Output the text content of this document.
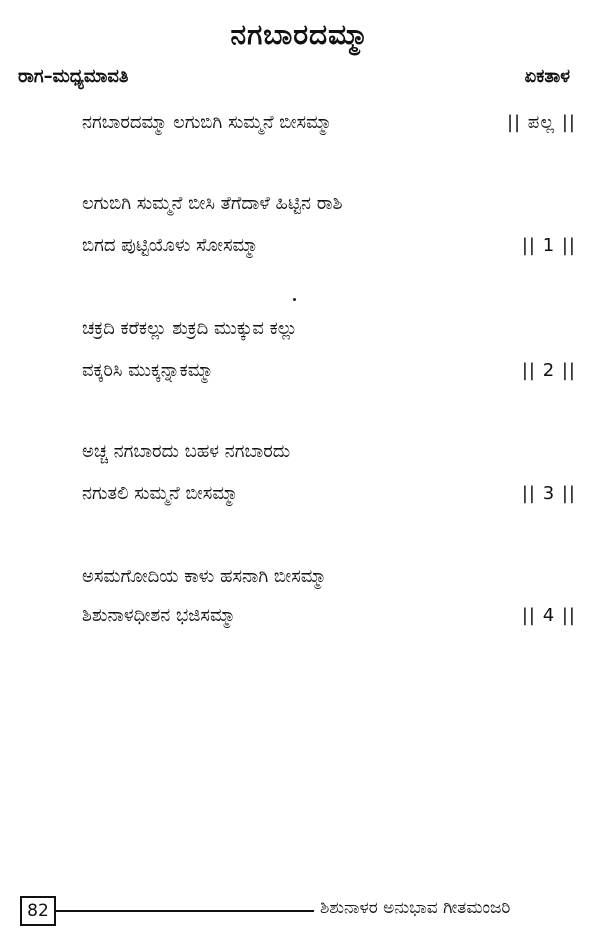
ನಗಬಾರದಮ್ಮಾ
ರಾಗ–ಮಧ್ಯಮಾವತಿ	ಏಕತಾಳ
ನಗಬಾರದಮ್ಮಾ ಲಗುಬಿಗಿ ಸುಮ್ಮನೆ ಬೀಸಮ್ಮಾ	|| ಪಲ್ಲ ||
ಲಗುಬಿಗಿ ಸುಮ್ಮನೆ ಬೀಸಿ ತೆಗೆದಾಳೆ ಹಿಟ್ಟಿನ ರಾಶಿ
ಬಿಗದ ಪುಟ್ಟಿಯೊಳು ಸೋಸಮ್ಮಾ	|| 1 ||
ಚಕ್ರದಿ ಕರೆಕಲ್ಲು ಶುಕ್ರದಿ ಮುಕ್ಕುವ ಕಲ್ಲು
ವಕ್ಕರಿಸಿ ಮುಕ್ಕನ್ನಾಕಮ್ಮಾ	|| 2 ||
ಅಚ್ಚ ನಗಬಾರದು ಬಹಳ ನಗಬಾರದು
ನಗುತಲಿ ಸುಮ್ಮನೆ ಬೀಸಮ್ಮಾ	|| 3 ||
ಅಸಮಗೋದಿಯ ಕಾಳು ಹಸನಾಗಿ ಬೀಸಮ್ಮಾ
ಶಿಶುನಾಳಧೀಶನ ಭಜಿಸಮ್ಮಾ	|| 4 ||
82	ಶಿಶುನಾಳರ ಅನುಭಾವ ಗೀತಮಂಜರಿ
